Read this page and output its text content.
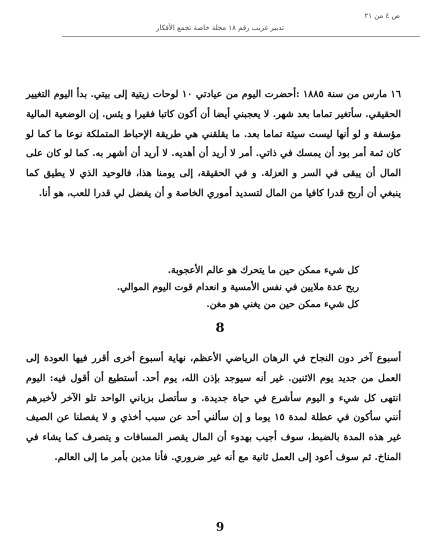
ص ٤ من ٢١
تدبير غريب رقم ١٨ مجلة خاصة تجمع الأفكار

١٦ مارس من سنة ١٨٨٥ :أحضرت اليوم من عيادتي ١٠ لوحات زيتية إلى بيتي. بدأ اليوم التغيير الحقيقي. سأتغير تماما بعد شهر. لا يعجبني أيضا أن أكون كاتبا فقيرا و يئس. إن الوضعية المالية مؤسفة و لو أنها ليست سيئة تماما بعد. ما يقلقني هي طريقة الإحباط المتملكة نوعا ما كما لو كان ثمة أمر بود أن يمسك في ذاتي. أمر لا أريد أن أهديه. لا أريد أن أشهر به. كما لو كان على المال أن يبقى في السر و العزلة. و في الحقيقة، إلى يومنا هذا، فالوحيد الذي لا يطيق كما ينبغي أن أربح قدرا كافيا من المال لتسديد أموري الخاصة و أن يفضل لي قدرا للعب، هو أنا.

كل شيء ممكن حين ما يتحرك هو عالم الأعجوبة.
ربح عدة ملايين في نفس الأمسية و انعدام قوت اليوم الموالي.
كل شيء ممكن حين من يغني هو مغن.
8

أسبوع آخر دون النجاح في الرهان الرياضي الأعظم، نهاية أسبوع أخرى أقرر فيها العودة إلى العمل من جديد يوم الاثنين. غير أنه سيوجد بإذن الله، يوم أحد. أستطيع أن أقول فيه: اليوم انتهى كل شيء و اليوم سأشرع في حياة جديدة. و سأتصل بزباني الواحد تلو الآخر لأخبرهم أنني سأكون في عطلة لمدة ١٥ يوما و إن سألني أحد عن سبب أخذي و لا يفصلنا عن الصيف غير هذه المدة بالضبط، سوف أجيب بهدوء أن المال يقصر المسافات و يتصرف كما يشاء في المناخ. ثم سوف أعود إلى العمل ثانية مع أنه غير ضروري. فأنا مدين بأمر ما إلى العالم.

9
